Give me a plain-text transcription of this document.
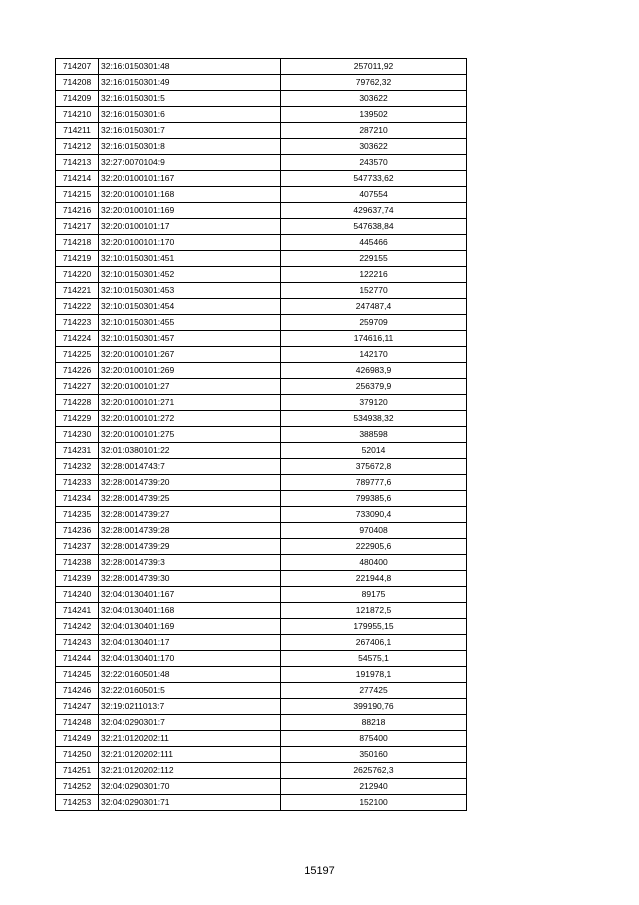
714207	32:16:0150301:48	257011,92
714208	32:16:0150301:49	79762,32
714209	32:16:0150301:5	303622
714210	32:16:0150301:6	139502
714211	32:16:0150301:7	287210
714212	32:16:0150301:8	303622
714213	32:27:0070104:9	243570
714214	32:20:0100101:167	547733,62
714215	32:20:0100101:168	407554
714216	32:20:0100101:169	429637,74
714217	32:20:0100101:17	547638,84
714218	32:20:0100101:170	445466
714219	32:10:0150301:451	229155
714220	32:10:0150301:452	122216
714221	32:10:0150301:453	152770
714222	32:10:0150301:454	247487,4
714223	32:10:0150301:455	259709
714224	32:10:0150301:457	174616,11
714225	32:20:0100101:267	142170
714226	32:20:0100101:269	426983,9
714227	32:20:0100101:27	256379,9
714228	32:20:0100101:271	379120
714229	32:20:0100101:272	534938,32
714230	32:20:0100101:275	388598
714231	32:01:0380101:22	52014
714232	32:28:0014743:7	375672,8
714233	32:28:0014739:20	789777,6
714234	32:28:0014739:25	799385,6
714235	32:28:0014739:27	733090,4
714236	32:28:0014739:28	970408
714237	32:28:0014739:29	222905,6
714238	32:28:0014739:3	480400
714239	32:28:0014739:30	221944,8
714240	32:04:0130401:167	89175
714241	32:04:0130401:168	121872,5
714242	32:04:0130401:169	179955,15
714243	32:04:0130401:17	267406,1
714244	32:04:0130401:170	54575,1
714245	32:22:0160501:48	191978,1
714246	32:22:0160501:5	277425
714247	32:19:0211013:7	399190,76
714248	32:04:0290301:7	88218
714249	32:21:0120202:11	875400
714250	32:21:0120202:111	350160
714251	32:21:0120202:112	2625762,3
714252	32:04:0290301:70	212940
714253	32:04:0290301:71	152100
15197
